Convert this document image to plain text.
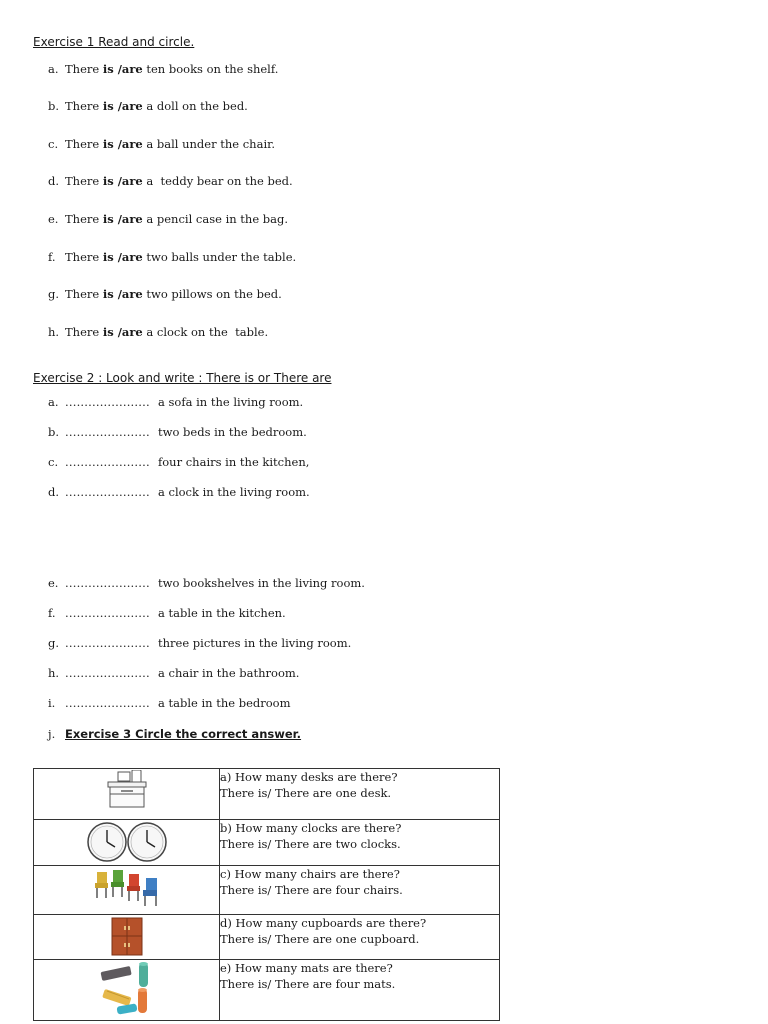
Exercise 1 Read and circle.
a. There is /are ten books on the shelf.
b. There is /are a doll on the bed.
c. There is /are a ball under the chair.
d. There is /are a  teddy bear on the bed.
e. There is /are a pencil case in the bag.
f. There is /are two balls under the table.
g. There is /are two pillows on the bed.
h. There is /are a clock on the  table.
Exercise 2 : Look and write : There is or There are
a. ...................... a sofa in the living room.
b. ...................... two beds in the bedroom.
c. ...................... four chairs in the kitchen,
d. ...................... a clock in the living room.
e. ...................... two bookshelves in the living room.
f. ...................... a table in the kitchen.
g. ...................... three pictures in the living room.
h. ...................... a chair in the bathroom.
i. ...................... a table in the bedroom
j. Exercise 3 Circle the correct answer.

a) How many desks are there?
There is/ There are one desk.

b) How many clocks are there?
There is/ There are two clocks.

c) How many chairs are there?
There is/ There are four chairs.

d) How many cupboards are there?
There is/ There are one cupboard.

e) How many mats are there?
There is/ There are four mats.
